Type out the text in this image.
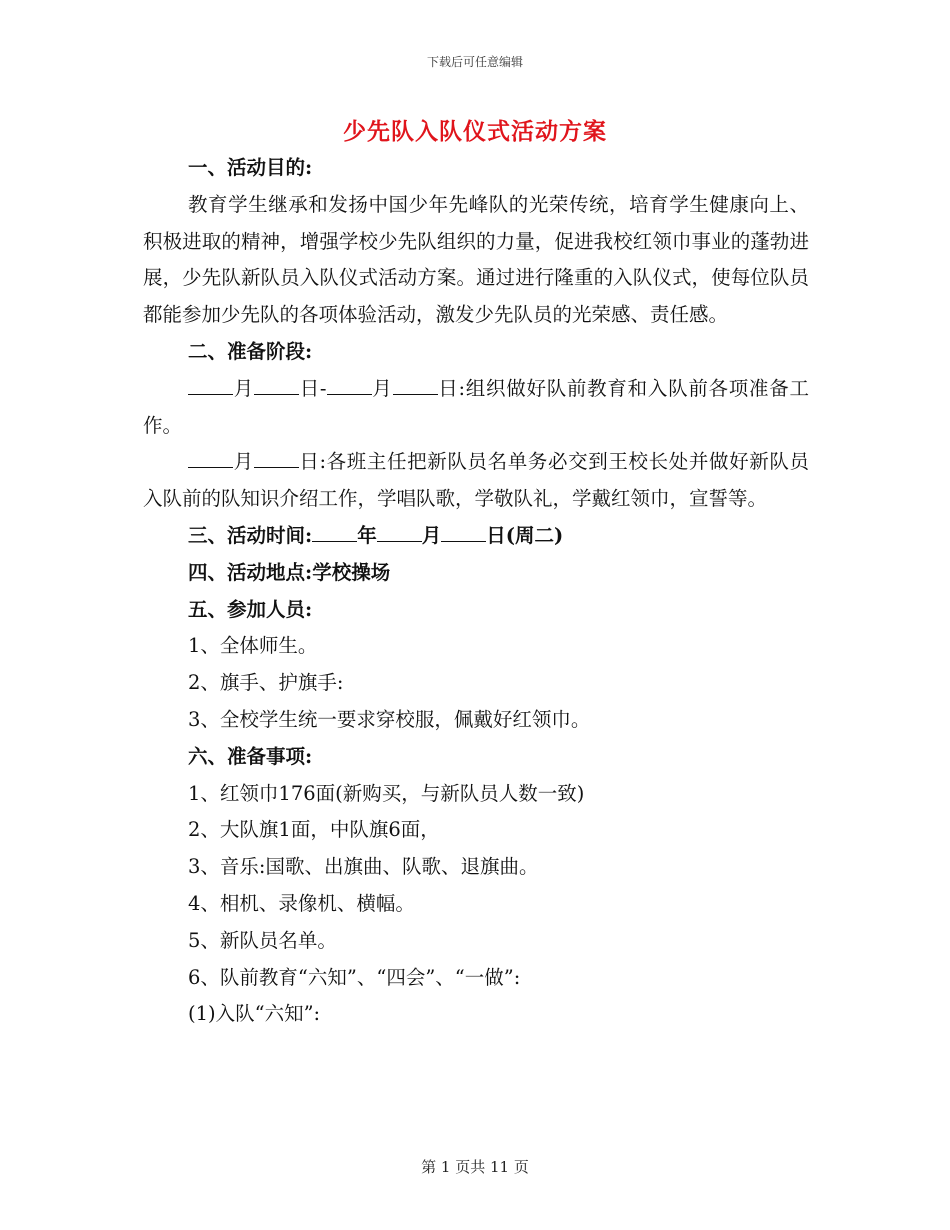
下载后可任意编辑
少先队入队仪式活动方案

一、活动目的:

教育学生继承和发扬中国少年先峰队的光荣传统，培育学生健康向上、积极进取的精神，增强学校少先队组织的力量，促进我校红领巾事业的蓬勃进展，少先队新队员入队仪式活动方案。通过进行隆重的入队仪式，使每位队员都能参加少先队的各项体验活动，激发少先队员的光荣感、责任感。

二、准备阶段:

月 日- 月 日:组织做好队前教育和入队前各项准备工作。

月 日:各班主任把新队员名单务必交到王校长处并做好新队员入队前的队知识介绍工作，学唱队歌，学敬队礼，学戴红领巾，宣誓等。

三、活动时间: 年 月 日(周二)

四、活动地点:学校操场

五、参加人员:

1、全体师生。

2、旗手、护旗手:

3、全校学生统一要求穿校服，佩戴好红领巾。

六、准备事项:

1、红领巾176面(新购买，与新队员人数一致)

2、大队旗1面，中队旗6面，

3、音乐:国歌、出旗曲、队歌、退旗曲。

4、相机、录像机、横幅。

5、新队员名单。

6、队前教育“六知”、“四会”、“一做”:

(1)入队“六知”:

第 1 页共 11 页
